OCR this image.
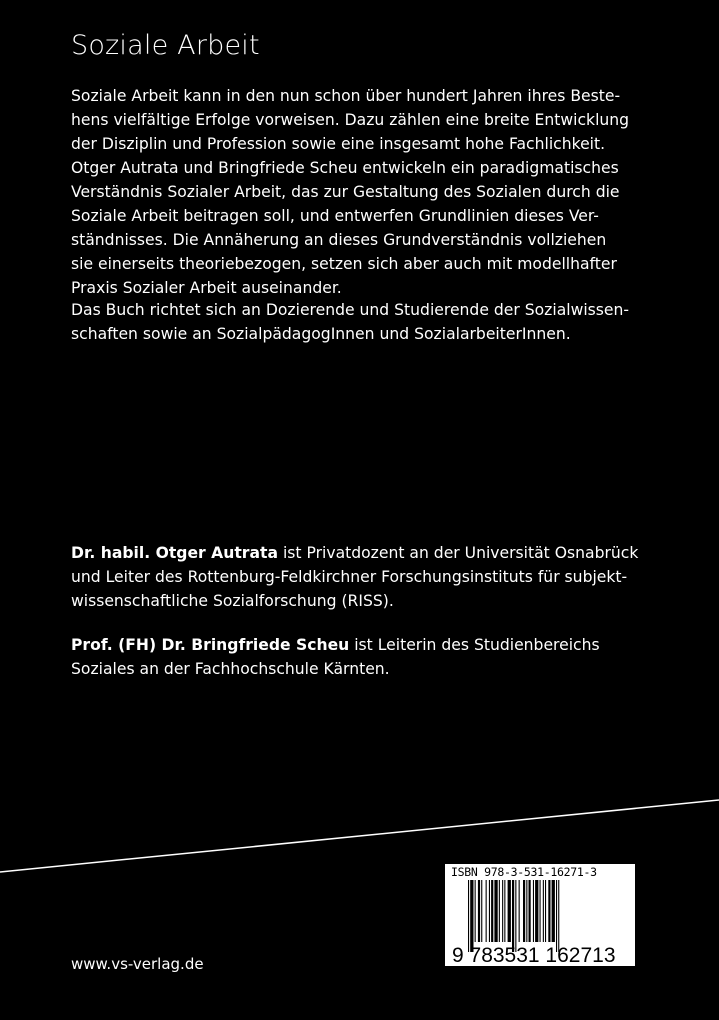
Soziale Arbeit
Soziale Arbeit kann in den nun schon über hundert Jahren ihres Beste-
hens vielfältige Erfolge vorweisen. Dazu zählen eine breite Entwicklung
der Disziplin und Profession sowie eine insgesamt hohe Fachlichkeit.
Otger Autrata und Bringfriede Scheu entwickeln ein paradigmatisches
Verständnis Sozialer Arbeit, das zur Gestaltung des Sozialen durch die
Soziale Arbeit beitragen soll, und entwerfen Grundlinien dieses Ver-
ständnisses. Die Annäherung an dieses Grundverständnis vollziehen
sie einerseits theoriebezogen, setzen sich aber auch mit modellhafter
Praxis Sozialer Arbeit auseinander.
Das Buch richtet sich an Dozierende und Studierende der Sozialwissen-
schaften sowie an SozialpädagogInnen und SozialarbeiterInnen.
Dr. habil. Otger Autrata ist Privatdozent an der Universität Osnabrück
und Leiter des Rottenburg-Feldkirchner Forschungsinstituts für subjekt-
wissenschaftliche Sozialforschung (RISS).
Prof. (FH) Dr. Bringfriede Scheu ist Leiterin des Studienbereichs
Soziales an der Fachhochschule Kärnten.
ISBN 978-3-531-16271-3
9 783531 162713
www.vs-verlag.de
